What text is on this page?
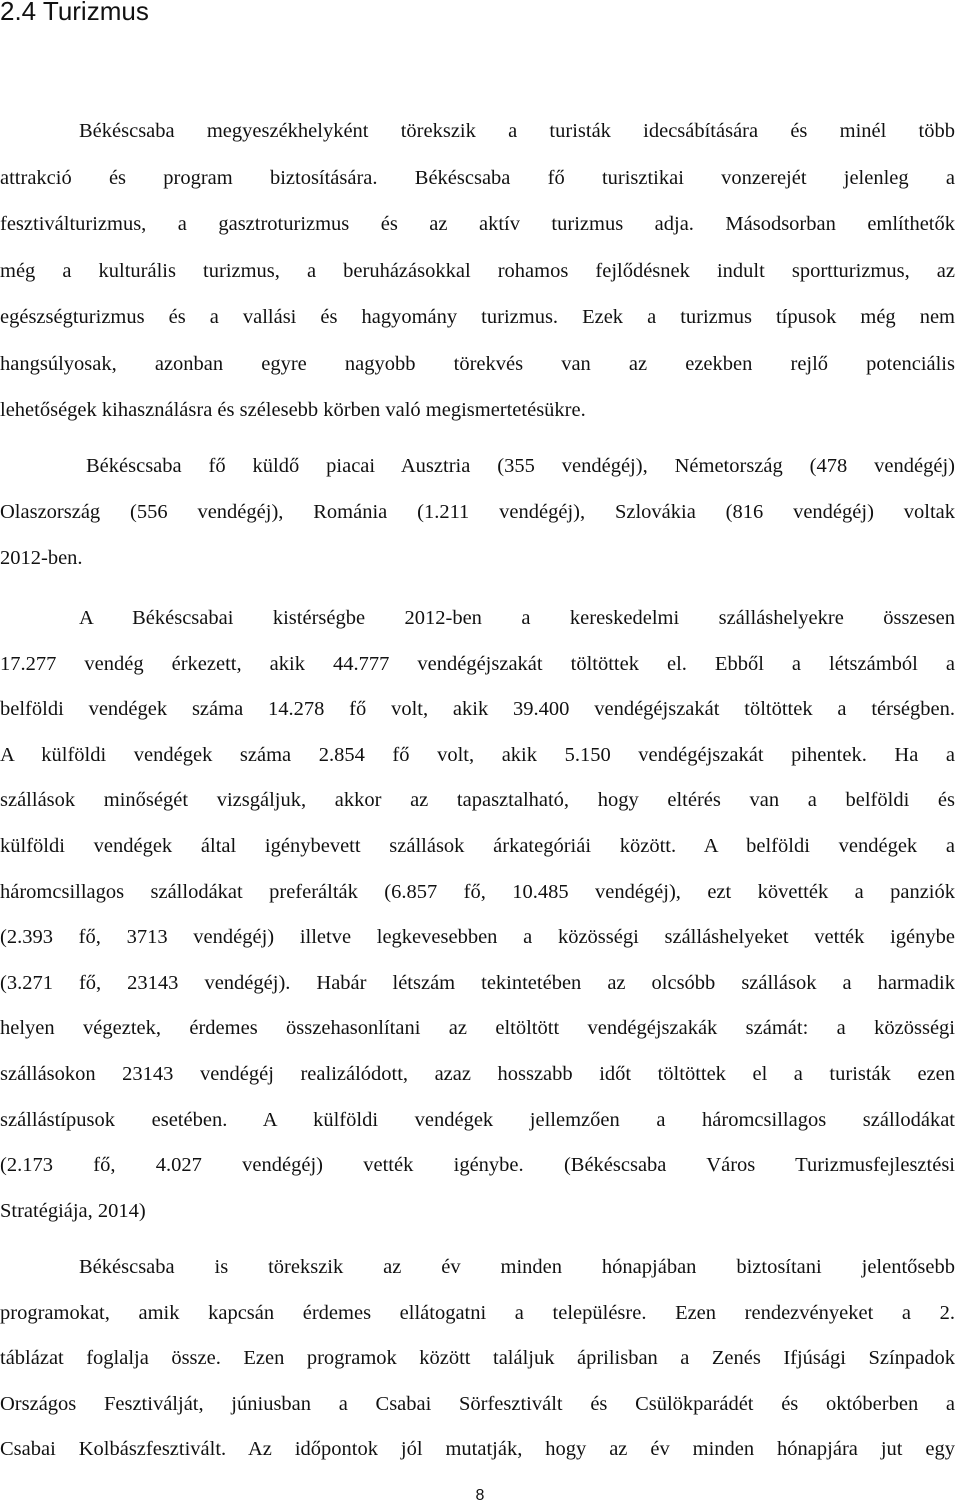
2.4 Turizmus
Békéscsaba megyeszékhelyként törekszik a turisták idecsábítására és minél több
attrakció és program biztosítására. Békéscsaba fő turisztikai vonzerejét jelenleg a
fesztiválturizmus, a gasztroturizmus és az aktív turizmus adja. Másodsorban említhetők
még a kulturális turizmus, a beruházásokkal rohamos fejlődésnek indult sportturizmus, az
egészségturizmus és a vallási és hagyomány turizmus. Ezek a turizmus típusok még nem
hangsúlyosak, azonban egyre nagyobb törekvés van az ezekben rejlő potenciális
lehetőségek kihasználásra és szélesebb körben való megismertetésükre.
Békéscsaba fő küldő piacai Ausztria (355 vendégéj), Németország (478 vendégéj)
Olaszország (556 vendégéj), Románia (1.211 vendégéj), Szlovákia (816 vendégéj) voltak
2012-ben.
A Békéscsabai kistérségbe 2012-ben a kereskedelmi szálláshelyekre összesen
17.277 vendég érkezett, akik 44.777 vendégéjszakát töltöttek el. Ebből a létszámból a
belföldi vendégek száma 14.278 fő volt, akik 39.400 vendégéjszakát töltöttek a térségben.
A külföldi vendégek száma 2.854 fő volt, akik 5.150 vendégéjszakát pihentek. Ha a
szállások minőségét vizsgáljuk, akkor az tapasztalható, hogy eltérés van a belföldi és
külföldi vendégek által igénybevett szállások árkategóriái között. A belföldi vendégek a
háromcsillagos szállodákat preferálták (6.857 fő, 10.485 vendégéj), ezt követték a panziók
(2.393 fő, 3713 vendégéj) illetve legkevesebben a közösségi szálláshelyeket vették igénybe
(3.271 fő, 23143 vendégéj). Habár létszám tekintetében az olcsóbb szállások a harmadik
helyen végeztek, érdemes összehasonlítani az eltöltött vendégéjszakák számát: a közösségi
szállásokon 23143 vendégéj realizálódott, azaz hosszabb időt töltöttek el a turisták ezen
szállástípusok esetében. A külföldi vendégek jellemzően a háromcsillagos szállodákat
(2.173 fő, 4.027 vendégéj) vették igénybe. (Békéscsaba Város Turizmusfejlesztési
Stratégiája, 2014)
Békéscsaba is törekszik az év minden hónapjában biztosítani jelentősebb
programokat, amik kapcsán érdemes ellátogatni a településre. Ezen rendezvényeket a 2.
táblázat foglalja össze. Ezen programok között találjuk áprilisban a Zenés Ifjúsági Színpadok
Országos Fesztiválját, júniusban a Csabai Sörfesztivált és Csülökparádét és októberben a
Csabai Kolbászfesztivált. Az időpontok jól mutatják, hogy az év minden hónapjára jut egy
8
